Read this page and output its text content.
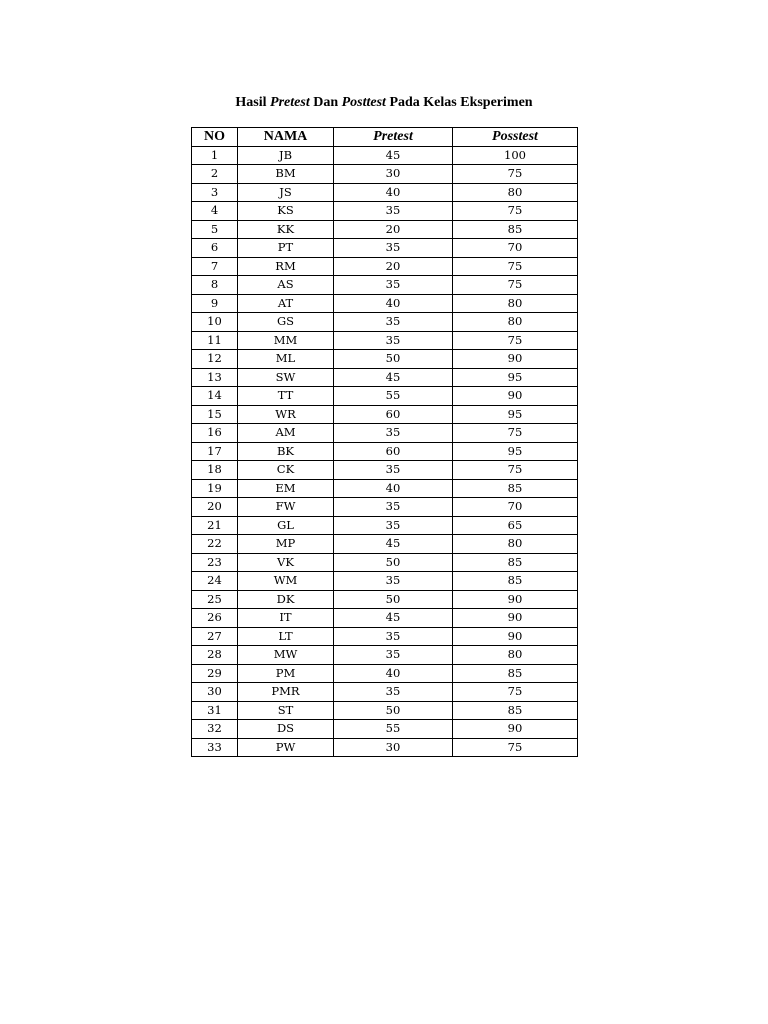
Hasil Pretest Dan Posttest Pada Kelas Eksperimen
NO	NAMA	Pretest	Posstest
1	JB	45	100
2	BM	30	75
3	JS	40	80
4	KS	35	75
5	KK	20	85
6	PT	35	70
7	RM	20	75
8	AS	35	75
9	AT	40	80
10	GS	35	80
11	MM	35	75
12	ML	50	90
13	SW	45	95
14	TT	55	90
15	WR	60	95
16	AM	35	75
17	BK	60	95
18	CK	35	75
19	EM	40	85
20	FW	35	70
21	GL	35	65
22	MP	45	80
23	VK	50	85
24	WM	35	85
25	DK	50	90
26	IT	45	90
27	LT	35	90
28	MW	35	80
29	PM	40	85
30	PMR	35	75
31	ST	50	85
32	DS	55	90
33	PW	30	75
